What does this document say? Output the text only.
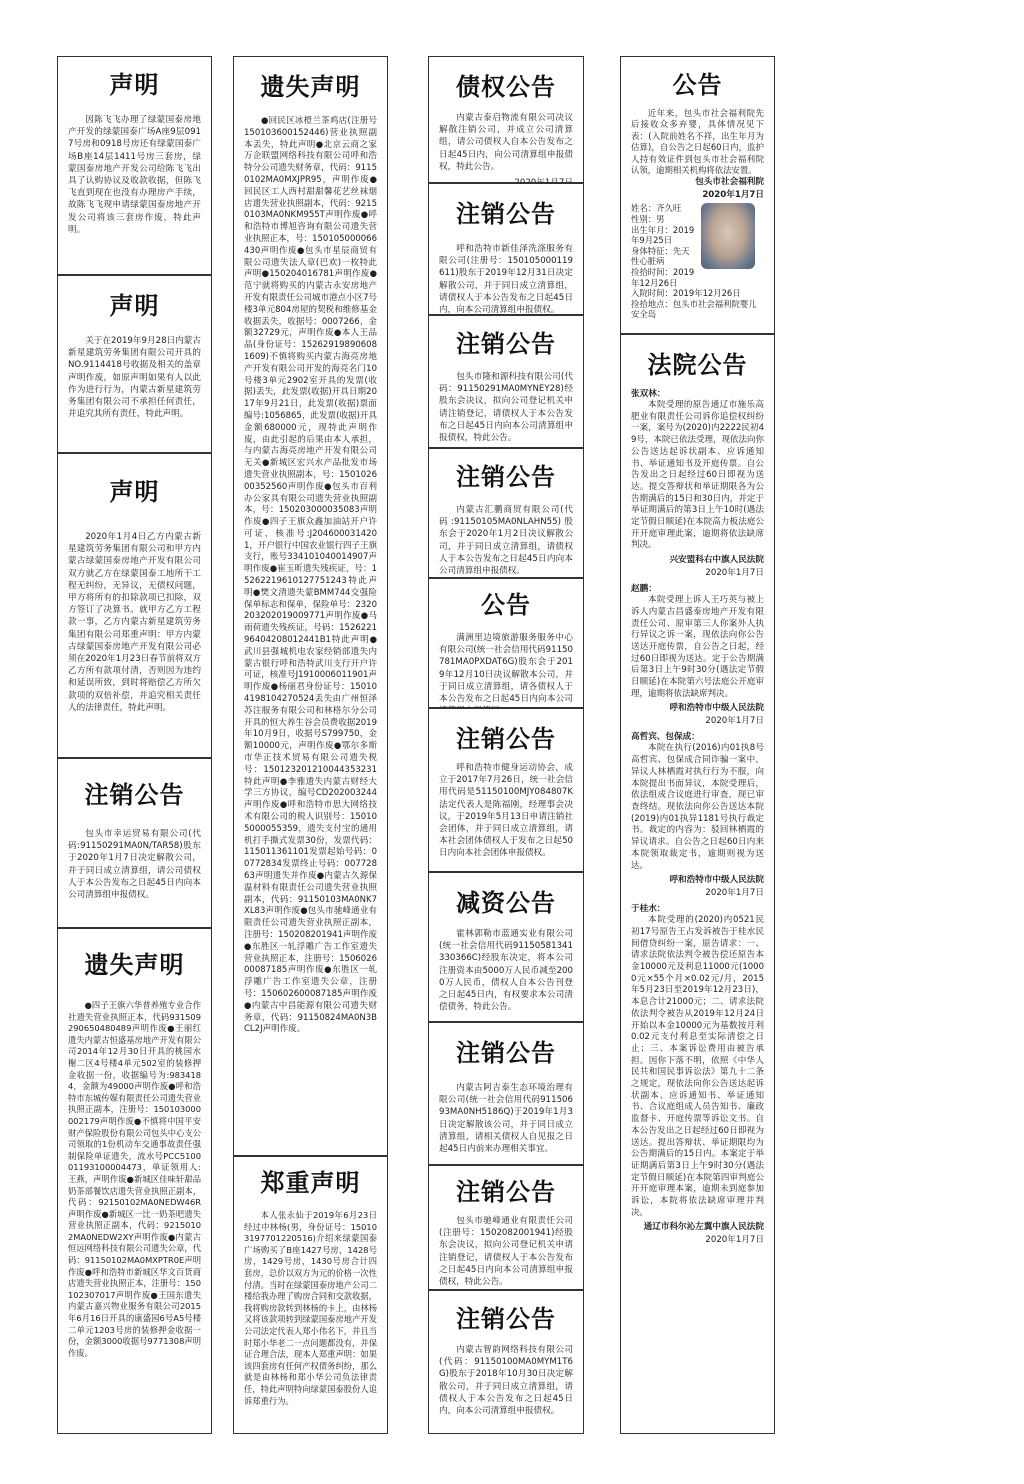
声明

因陈飞飞办理了绿蒙国泰房地产开发的绿蒙国泰广场A座9层0917号房和0918号房还有绿蒙国泰广场B座14层1411号房三套房，绿蒙国泰房地产开发公司给陈飞飞出具了认购协议及收款收据，但陈飞飞直到现在也没有办理房产手续，故陈飞飞现申请绿蒙国泰房地产开发公司将该三套房作废，特此声明。

声明

关于在2019年9月28日内蒙古新星建筑劳务集团有限公司开具的NO.9114418号收据及相关的盖章声明作废，如原声明如果有人以此作为进行行为，内蒙古新星建筑劳务集团有限公司不承担任何责任，并追究其所有责任，特此声明。

声明

2020年1月4日乙方内蒙古新星建筑劳务集团有限公司和甲方内蒙古绿蒙国泰房地产开发有限公司双方就乙方在绿蒙国泰工地所干工程无纠纷，无异议，无债权问题，甲方将所有的扣除款项已扣除，双方签订了决算书。就甲方乙方工程款一事，乙方内蒙古新星建筑劳务集团有限公司郑重声明：甲方内蒙古绿蒙国泰房地产开发有限公司必须在2020年1月23日春节前将双方乙方所有款项付清，否则因为违约和延误所致，到时将赔偿乙方所欠款项的双倍补偿，并追究相关责任人的法律责任，特此声明。

注销公告

包头市幸运贸易有限公司(代码:91150291MA0N/TAR58)股东于2020年1月7日决定解散公司，并于同日成立清算组，请公司债权人于本公告发布之日起45日内向本公司清算组申报债权。

遗失声明

●四子王旗六华普养殖专业合作社遗失营业执照正本，代码931509290650480489声明作废●王丽红遗失内蒙古恒盛基房地产开发有限公司2014年12月30日开具的桃园水榭二区4号楼4单元502室的装修押金收据一份，收据编号为:9834184，金额为49000声明作废●呼和浩特市东城传媒有限责任公司遗失营业执照正副本，注册号：150103000002179声明作废●不慎将中国平安财产保险股份有限公司包头中心支公司领取的1份机动车交通事故责任强制保险单证遗失，流水号PCC510001193100004473，单证领用人:王燕，声明作废●新城区佳味轩甜品奶茶部餐饮店遗失营业执照正副本，代码：92150102MA0NEDW46R声明作废●新城区一比一奶茶吧遗失营业执照正副本，代码：92150102MA0NEDW2XY声明作废●内蒙古恒远网络科技有限公司遗失公章，代码：91150102MA0MXPTR0E声明作废●呼和浩特市新城区华文百货商店遗失营业执照正本，注册号：150102307017声明作废●王国东遗失内蒙古嘉兴物业服务有限公司2015年6月16日开具的康盛园6号A5号楼二单元1203号房的装修押金收据一份，金额3000收据号9771308声明作废。

遗失声明

●回民区冰橙兰茶鸡店(注册号150103600152446)营业执照副本丢失，特此声明●北京云商之家万企联盟网络科技有限公司呼和浩特分公司遗失财务章，代码：91150102MA0MXJPR95，声明作废●回民区工人西村甜甜馨花艺丝袜烟店遗失营业执照副本，代码：92150103MA0NKM955T声明作废●呼和浩特市博旭咨询有限公司遗失营业执照正本，号：150105000066430声明作废●包头市星辰商贸有限公司遗失法人章(巴欢)一枚特此声明●150204016781声明作废●范宁就将购买的内蒙古永安房地产开发有限责任公司城市港点小区7号楼3单元804房屋的契税和维修基金收据丢失，收据号：0007266，金额32729元，声明作废●本人王品品(身份证号：152629198906081609)不慎将购买内蒙古海亮房地产开发有限公司开发的海亮名门10号楼3单元2902室开具的发票(收据)丢失，此发票(收据)开具日期2017年9月21日，此发票(收据)票面编号:1056865，此发票(收据)开具金额680000元，现特此声明作废，由此引起的后果由本人承担，与内蒙古海亮房地产开发有限公司无关●新城区宏兴水产品批发市场遗失营业执照副本，号：150102600352560声明作废●包头市百利办公家具有限公司遗失营业执照副本，号：150203000035083声明作废●四子王旗众鑫加油站开户许可证，核准号:J2046000314201，开户银行中国农业银行四子王旗支行，账号334101040014907声明作废●崔玉昕遗失残疾证，号：15262219610127751243特此声明●樊文清遗失蒙BMM744交强险保单标志和保单，保险单号：2320203202019009771声明作废●马雨荷遗失残疾证，号码：152622196404208012441B1特此声明●武川县强城机电农家经销部遗失内蒙古银行呼和浩特武川支行开户许可证，核准号J1910006011901声明作废●杨丽君身份证号：150104198104270524丢失由广州恒泽苏注服务有限公司和林格尔分公司开具的恒大养生谷会员费收据2019年10月9日，收据号S799750，金额10000元，声明作废●鄂尔多斯市华正技术贸易有限公司遗失税号：150123201210044353231特此声明●李雅遗失内蒙古财经大学三方协议，编号CD202003244声明作废●呼和浩特市思大网络技术有限公司的税人识别号：150105000055359，遗失支付宝的通用机打手撕式发票30份，发票代码：115011361101发票起始号码：00772834发票终止号码：00772863声明遗失并作废●内蒙古久源保温材料有限责任公司遗失营业执照副本，代码：91150103MA0NK7XL83声明作废●包头市驰峰通业有限责任公司遗失营业执照正副本，注册号：150208201941声明作废●东胜区一轧浮雕广告工作室遗失营业执照正本，注册号：150602600087185声明作废●东胜区一轧浮雕广告工作室遗失公章，注册号：150602600087185声明作废●内蒙古中昌能源有限公司遗失财务章，代码：91150824MA0N3BCL2J声明作废。

郑重声明

本人张永仙于2019年6月23日经过中林杨(男，身份证号：150103197701220516)介绍来绿蒙国泰广场购买了B座1427号房，1428号房，1429号房，1430号房合计四套房，总价以双方为元的价格一次性付清。当时在绿蒙国泰房地产公司二楼给我办理了购房合同和交款收据，我将购房款转到林杨的卡上，由林杨又将该款项转到绿蒙国泰房地产开发公司法定代表人郑小伟名下，并且当时郑小华老二一点问题都没有，并保证合理合法，现本人郑重声明：如果该四套房有任何产权债务纠纷，那么就是由林杨和郑小华公司负法律责任，特此声明特向绿蒙国泰股份人追诉郑重行为。

债权公告

内蒙古泰启物流有限公司决议解散注销公司，并成立公司清算组，请公司债权人自本公告发布之日起45日内，向公司清算组申报债权，特此公告。

注销公告

呼和浩特市新佳泽洗涤服务有限公司(注册号：150105000119611)股东于2019年12月31日决定解散公司，并于同日成立清算组，请债权人于本公告发布之日起45日内，向本公司清算组申报债权。

注销公告

包头市隆和源科技有限公司(代码：91150291MA0MYNEY28)经股东会决议，拟向公司登记机关申请注销登记，请债权人于本公告发布之日起45日内向本公司清算组申报债权，特此公告。

注销公告

内蒙古汇鹏商贸有限公司(代码:91150105MA0NLAHN55)股东会于2020年1月2日决议解散公司，并于同日成立清算组，请债权人于本公告发布之日起45日内向本公司清算组申报债权。

公告

满洲里边境旅游服务服务中心有限公司(统一社会信用代码91150781MA0PXDAT6G)股东会于2019年12月10日决议解散本公司，并于同日成立清算组，请各债权人于本公告发布之日起45日内向本公司

注销公告

呼和浩特市健身运动协会，成立于2017年7月26日，统一社会信用代码是51150100MJY084807K法定代表人是陈福刚，经理事会决议，于2019年5月13日申请注销社会团体，并于同日成立清算组，请本社会团体债权人于发布之日起50日内向本社会团体申报债权。

减资公告

霍林郭勒市蓝通实业有限公司(统一社会信用代码91150581341330366C)经股东决定，将本公司注册资本由5000万人民币减至2000万人民币，债权人自本公告刊登之日起45日内，有权要求本公司清偿债务，特此公告。

注销公告

内蒙古阿吉泰生态环境治理有限公司(统一社会信用代码91150693MA0NH5186Q)于2019年1月3日决定解散该公司，并于同日成立清算组，请相关债权人自见报之日起45日内前来办理相关事宜。

注销公告

包头市驰峰通业有限责任公司(注册号：1502082001941)经股东会决议，拟向公司登记机关申请注销登记，请债权人于本公告发布之日起45日内向本公司清算组申报债权，特此公告。

注销公告

内蒙古智韵网络科技有限公司(代码：91150100MA0MYM1T6G)股东于2018年10月30日决定解散公司，并于同日成立清算组，请债权人于本公告发布之日起45日内，向本公司清算组申报债权。

公告

近年来，包头市社会福利院先后接收众多弃婴，具体情况见下表：(入院前姓名不祥，出生年月为估算)，自公告之日起60日内，监护人持有效证件到包头市社会福利院认领，逾期相关机构将依法安置。

包头市社会福利院
2020年1月7日
姓名：齐久旺
性别：男
出生年月：2019
年9月25日
身体特征：先天
性心脏病
捡拾时间：2019
年12月26日
入院时间：2019年12月26日
捡拾地点：包头市社会福利院婴儿安全岛
法院公告
张双林：

本院受理的原告通辽市施乐高肥业有限责任公司诉你追偿权纠纷一案，案号为(2020)内2222民初49号，本院已依法受理，现依法向你公告送达起诉状副本、应诉通知书、举证通知书及开庭传票。自公告发出之日起经过60日即视为送达。提交答辩状和举证期限各为公告期满后的15日和30日内，并定于举证期满后的第3日上午10时(遇法定节假日顺延)在本院高力板法庭公开开庭审理此案，逾期将依法缺席判决。

兴安盟科右中旗人民法院
2020年1月7日
赵鹏：

本院受理上诉人王巧英与被上诉人内蒙古昌盛泰房地产开发有限责任公司、原审第三人你案外人执行异议之诉一案，现依法向你公告送达开庭传票，自公告之日起，经过60日即视为送达。定于公告期满后第3日上午9时30分(遇法定节假日顺延)在本院第六号法庭公开庭审理，逾期将依法缺席判决。

呼和浩特市中级人民法院
2020年1月7日
高哲宾、包保成：

本院在执行(2016)内01执8号高哲宾、包保成合同诈骗一案中，异议人林栖霞对执行行为不服，向本院提出书面异议，本院受理后，依法组成合议庭进行审查，现已审查终结。现依法向你公告送达本院(2019)内01执异1181号执行裁定书。裁定的内容为：驳回林栖霞的异议请求。自公告之日起60日内来本院领取裁定书，逾期则视为送达。

呼和浩特市中级人民法院
2020年1月7日
于桂水：

本院受理的(2020)内0521民初17号原告王占发诉被告于桂水民间借贷纠纷一案，原告请求：一、请求法院依法判令被告偿还原告本金10000元及利息11000元(10000元×55个月×0.02元/月，2015年5月23日至2019年12月23日)，本息合计21000元；二、请求法院依法判令被告从2019年12月24日开始以本金10000元为基数按月利0.02元支付利息至实际清偿之日止；三、本案诉讼费用由被告承担。因你下落不明，依照《中华人民共和国民事诉讼法》第九十二条之规定，现依法向你公告送达起诉状副本、应诉通知书、举证通知书、合议庭组成人员告知书、廉政监督卡、开庭传票等诉讼文书。自本公告发出之日起经过60日即视为送达。提出答辩状、举证期限均为公告期满后的15日内。本案定于举证期满后第3日上午9时30分(遇法定节假日顺延)在本院第四审判庭公开开庭审理本案，逾期未到庭参加诉讼，本院将依法缺席审理并判决。

通辽市科尔沁左翼中旗人民法院
2020年1月7日
